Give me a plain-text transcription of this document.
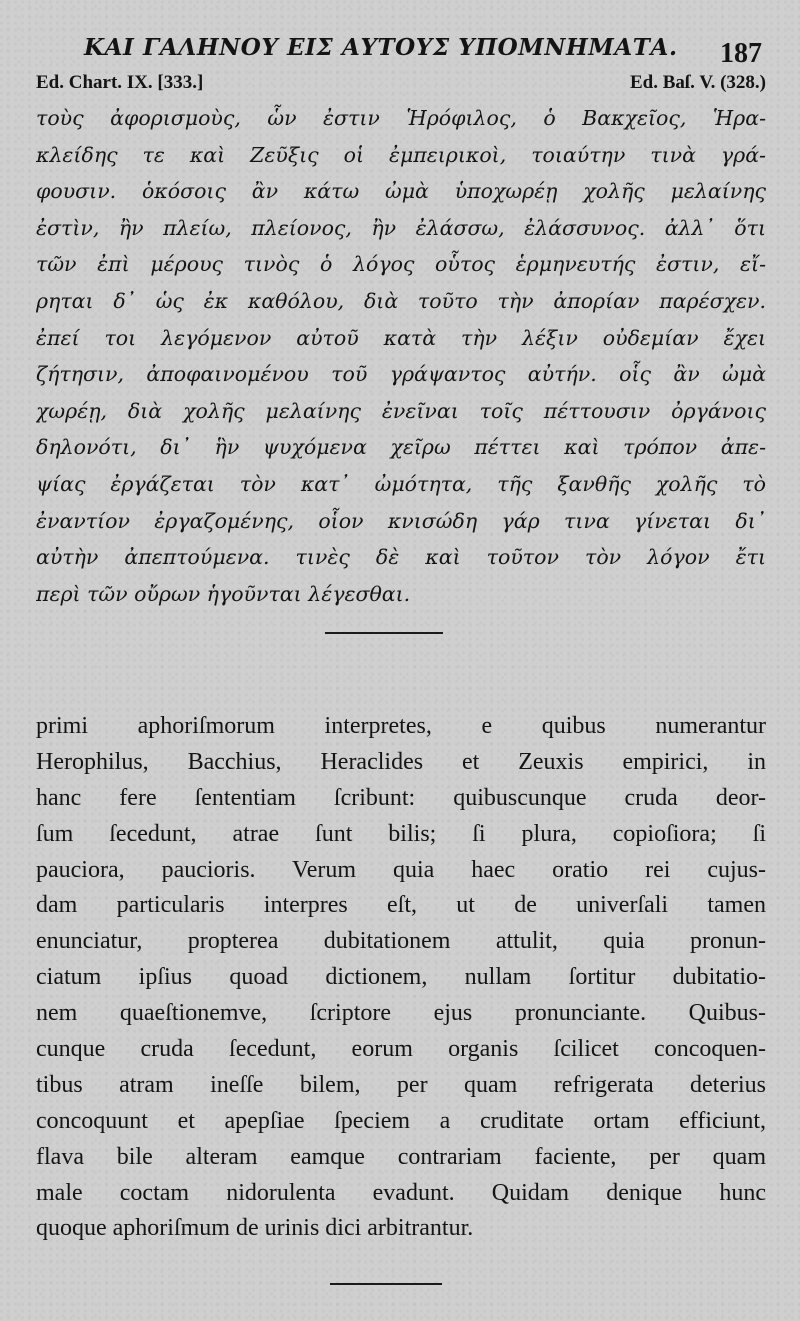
ΚΑΙ ΓΑΛΗΝΟΥ ΕΙΣ ΑΥΤΟΥΣ ΥΠΟΜΝΗΜΑΤΑ. 187
Ed. Chart. IX. [333.]	Ed. Baſ. V. (328.)
τοὺς ἀφορισμοὺς, ὧν ἐστιν Ἡρόφιλος, ὁ Βακχεῖος, Ἡρα-
κλείδης τε καὶ Ζεῦξις οἱ ἐμπειρικοὶ, τοιαύτην τινὰ γρά-
φουσιν. ὁκόσοις ἂν κάτω ὠμὰ ὑποχωρέῃ χολῆς μελαίνης
ἐστὶν, ἢν πλείω, πλείονος, ἢν ἐλάσσω, ἐλάσσυνος. ἀλλ᾽ ὅτι
τῶν ἐπὶ μέρους τινὸς ὁ λόγος οὗτος ἑρμηνευτής ἐστιν, εἴ-
ρηται δ᾽ ὡς ἐκ καθόλου, διὰ τοῦτο τὴν ἀπορίαν παρέσχεν.
ἐπεί τοι λεγόμενον αὐτοῦ κατὰ τὴν λέξιν οὐδεμίαν ἔχει
ζήτησιν, ἀποφαινομένου τοῦ γράψαντος αὐτήν. οἷς ἂν ὠμὰ
χωρέῃ, διὰ χολῆς μελαίνης ἐνεῖναι τοῖς πέττουσιν ὀργάνοις
δηλονότι, δι᾽ ἣν ψυχόμενα χεῖρω πέττει καὶ τρόπον ἀπε-
ψίας ἐργάζεται τὸν κατ᾽ ὠμότητα, τῆς ξανθῆς χολῆς τὸ
ἐναντίον ἐργαζομένης, οἷον κνισώδη γάρ τινα γίνεται δι᾽
αὐτὴν ἀπεπτούμενα. τινὲς δὲ καὶ τοῦτον τὸν λόγον ἔτι
περὶ τῶν οὔρων ἡγοῦνται λέγεσθαι.
primi aphoriſmorum interpretes, e quibus numerantur
Herophilus, Bacchius, Heraclides et Zeuxis empirici, in
hanc fere ſententiam ſcribunt: quibuscunque cruda deor-
ſum ſecedunt, atrae ſunt bilis; ſi plura, copioſiora; ſi
pauciora, paucioris. Verum quia haec oratio rei cujus-
dam particularis interpres eſt, ut de univerſali tamen
enunciatur, propterea dubitationem attulit, quia pronun-
ciatum ipſius quoad dictionem, nullam ſortitur dubitatio-
nem quaeſtionemve, ſcriptore ejus pronunciante. Quibus-
cunque cruda ſecedunt, eorum organis ſcilicet concoquen-
tibus atram ineſſe bilem, per quam refrigerata deterius
concoquunt et apepſiae ſpeciem a cruditate ortam efficiunt,
flava bile alteram eamque contrariam faciente, per quam
male coctam nidorulenta evadunt. Quidam denique hunc
quoque aphoriſmum de urinis dici arbitrantur.
